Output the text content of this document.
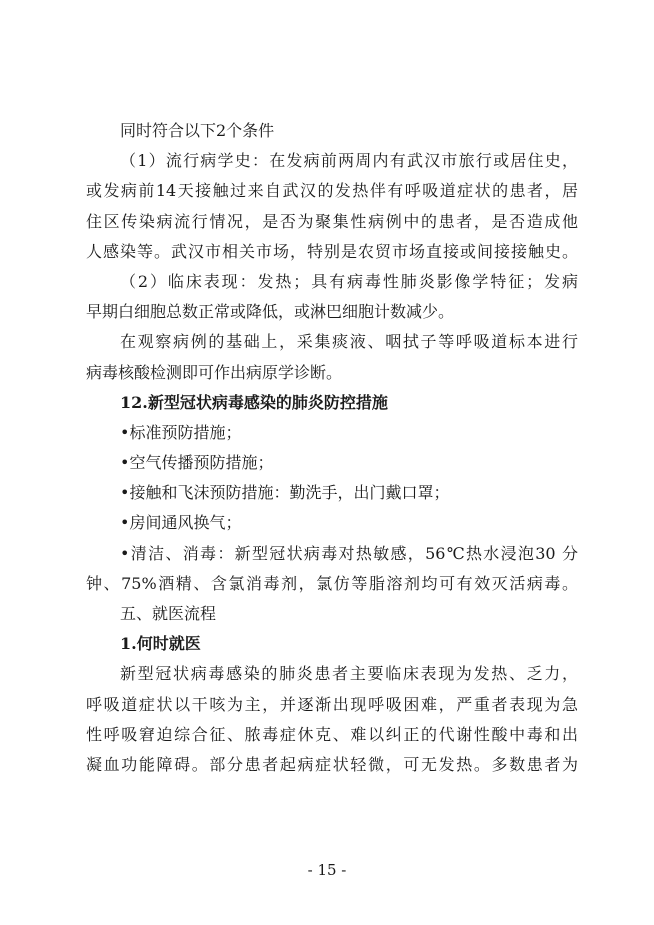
同时符合以下2个条件
（1）流行病学史：在发病前两周内有武汉市旅行或居住史，
或发病前14天接触过来自武汉的发热伴有呼吸道症状的患者，居
住区传染病流行情况，是否为聚集性病例中的患者，是否造成他
人感染等。武汉市相关市场，特别是农贸市场直接或间接接触史。
（2）临床表现：发热；具有病毒性肺炎影像学特征；发病
早期白细胞总数正常或降低，或淋巴细胞计数减少。
在观察病例的基础上，采集痰液、咽拭子等呼吸道标本进行
病毒核酸检测即可作出病原学诊断。
12.新型冠状病毒感染的肺炎防控措施
•标准预防措施；
•空气传播预防措施；
•接触和飞沫预防措施：勤洗手，出门戴口罩；
•房间通风换气；
•清洁、消毒：新型冠状病毒对热敏感，56℃热水浸泡30 分
钟、75%酒精、含氯消毒剂，氯仿等脂溶剂均可有效灭活病毒。
五、就医流程
1.何时就医
新型冠状病毒感染的肺炎患者主要临床表现为发热、乏力，
呼吸道症状以干咳为主，并逐渐出现呼吸困难，严重者表现为急
性呼吸窘迫综合征、脓毒症休克、难以纠正的代谢性酸中毒和出
凝血功能障碍。部分患者起病症状轻微，可无发热。多数患者为
- 15 -
